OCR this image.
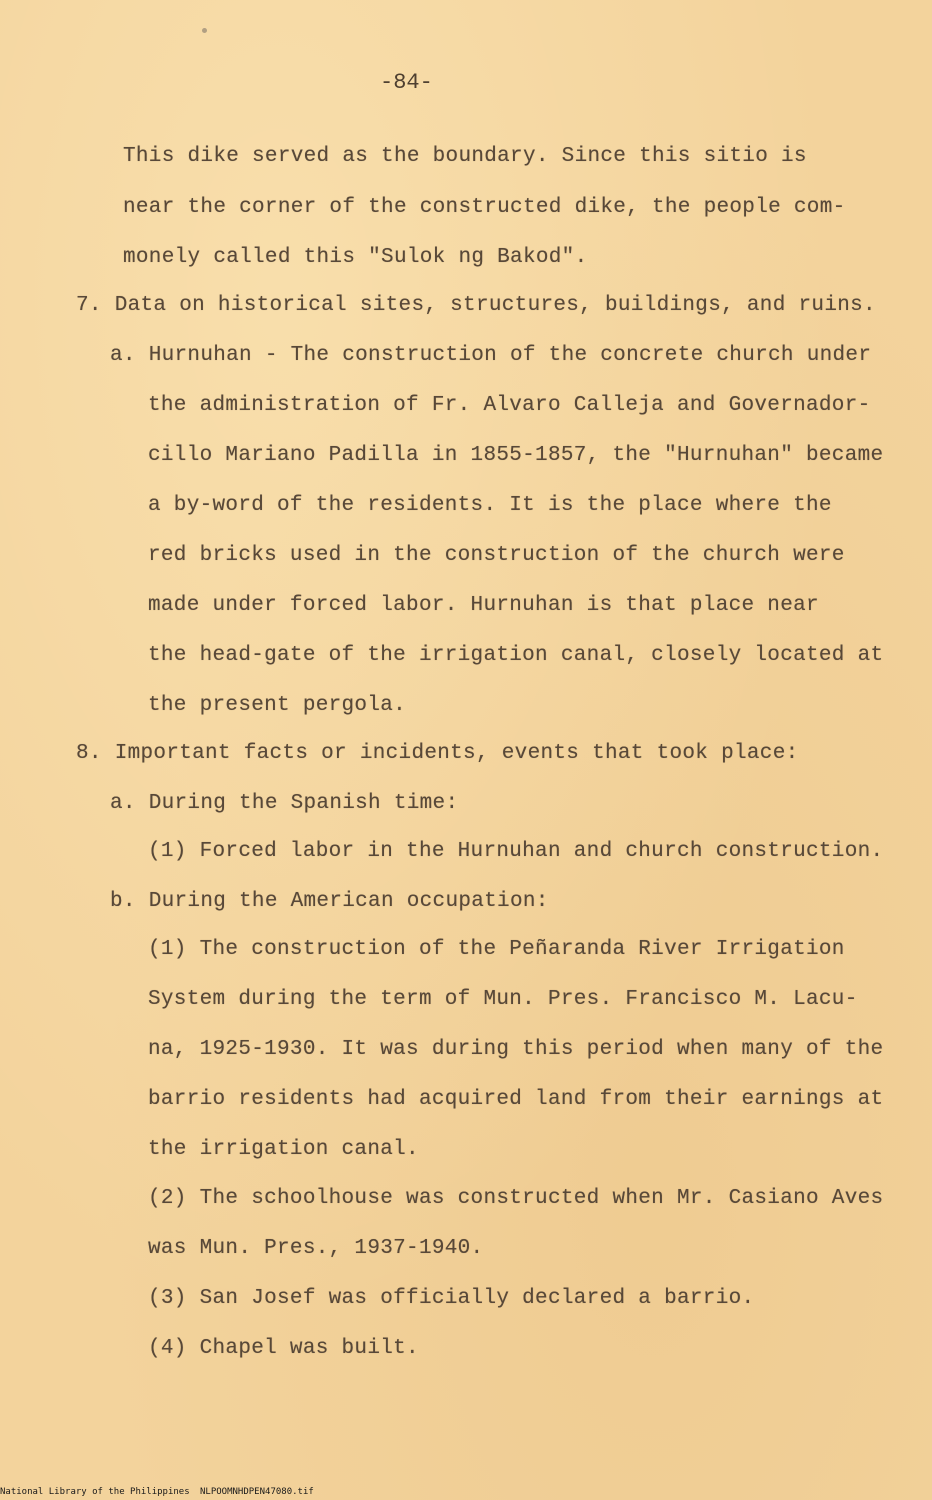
-84-
This dike served as the boundary. Since this sitio is
near the corner of the constructed dike, the people com-
monely called this "Sulok ng Bakod".
7. Data on historical sites, structures, buildings, and ruins.
a. Hurnuhan - The construction of the concrete church under
the administration of Fr. Alvaro Calleja and Governador-
cillo Mariano Padilla in 1855-1857, the "Hurnuhan" became
a by-word of the residents. It is the place where the
red bricks used in the construction of the church were
made under forced labor. Hurnuhan is that place near
the head-gate of the irrigation canal, closely located at
the present pergola.
8. Important facts or incidents, events that took place:
a. During the Spanish time:
(1) Forced labor in the Hurnuhan and church construction.
b. During the American occupation:
(1) The construction of the Peñaranda River Irrigation
System during the term of Mun. Pres. Francisco M. Lacu-
na, 1925-1930. It was during this period when many of the
barrio residents had acquired land from their earnings at
the irrigation canal.
(2) The schoolhouse was constructed when Mr. Casiano Aves
was Mun. Pres., 1937-1940.
(3) San Josef was officially declared a barrio.
(4) Chapel was built.
National Library of the Philippines NLPOOMNHDPEN47080.tif
